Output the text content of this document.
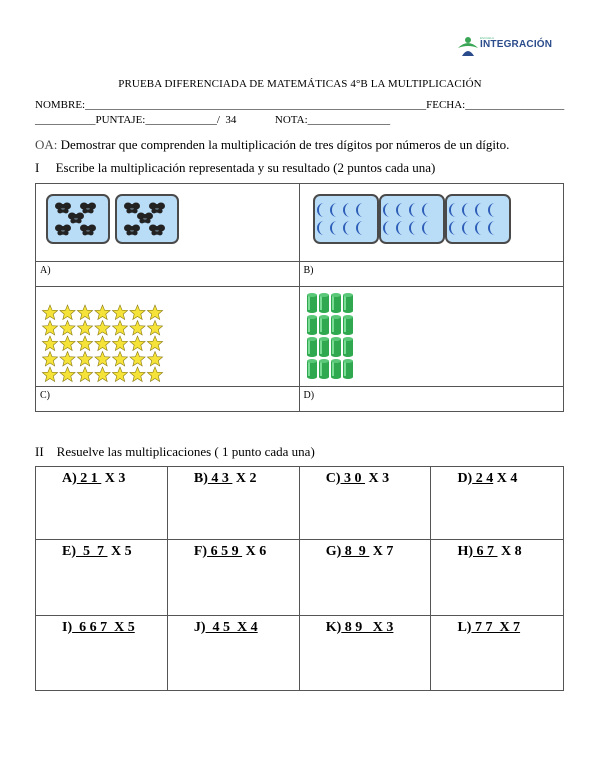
ESCUELA
INTEGRACIÓN
PRUEBA DIFERENCIADA DE MATEMÁTICAS 4°B LA MULTIPLICACIÓN
NOMBRE:______________________________________________________________FECHA:__________________
___________PUNTAJE:_____________/  34	NOTA:_______________
OA: Demostrar que comprenden la multiplicación de tres dígitos por números de un dígito.
I     Escribe la multiplicación representada y su resultado (2 puntos cada una)

A)	B)

C)	D)
II    Resuelve las multiplicaciones ( 1 punto cada una)
A) 2 1  X 3	B) 4 3  X 2	C) 3 0  X 3	D) 2 4 X 4

E)  5  7  X 5	F) 6 5 9  X 6	G) 8  9  X 7	H) 6 7  X 8

I)  6 6 7  X 5	J)  4 5  X 4	K) 8 9   X 3	L) 7 7  X 7
